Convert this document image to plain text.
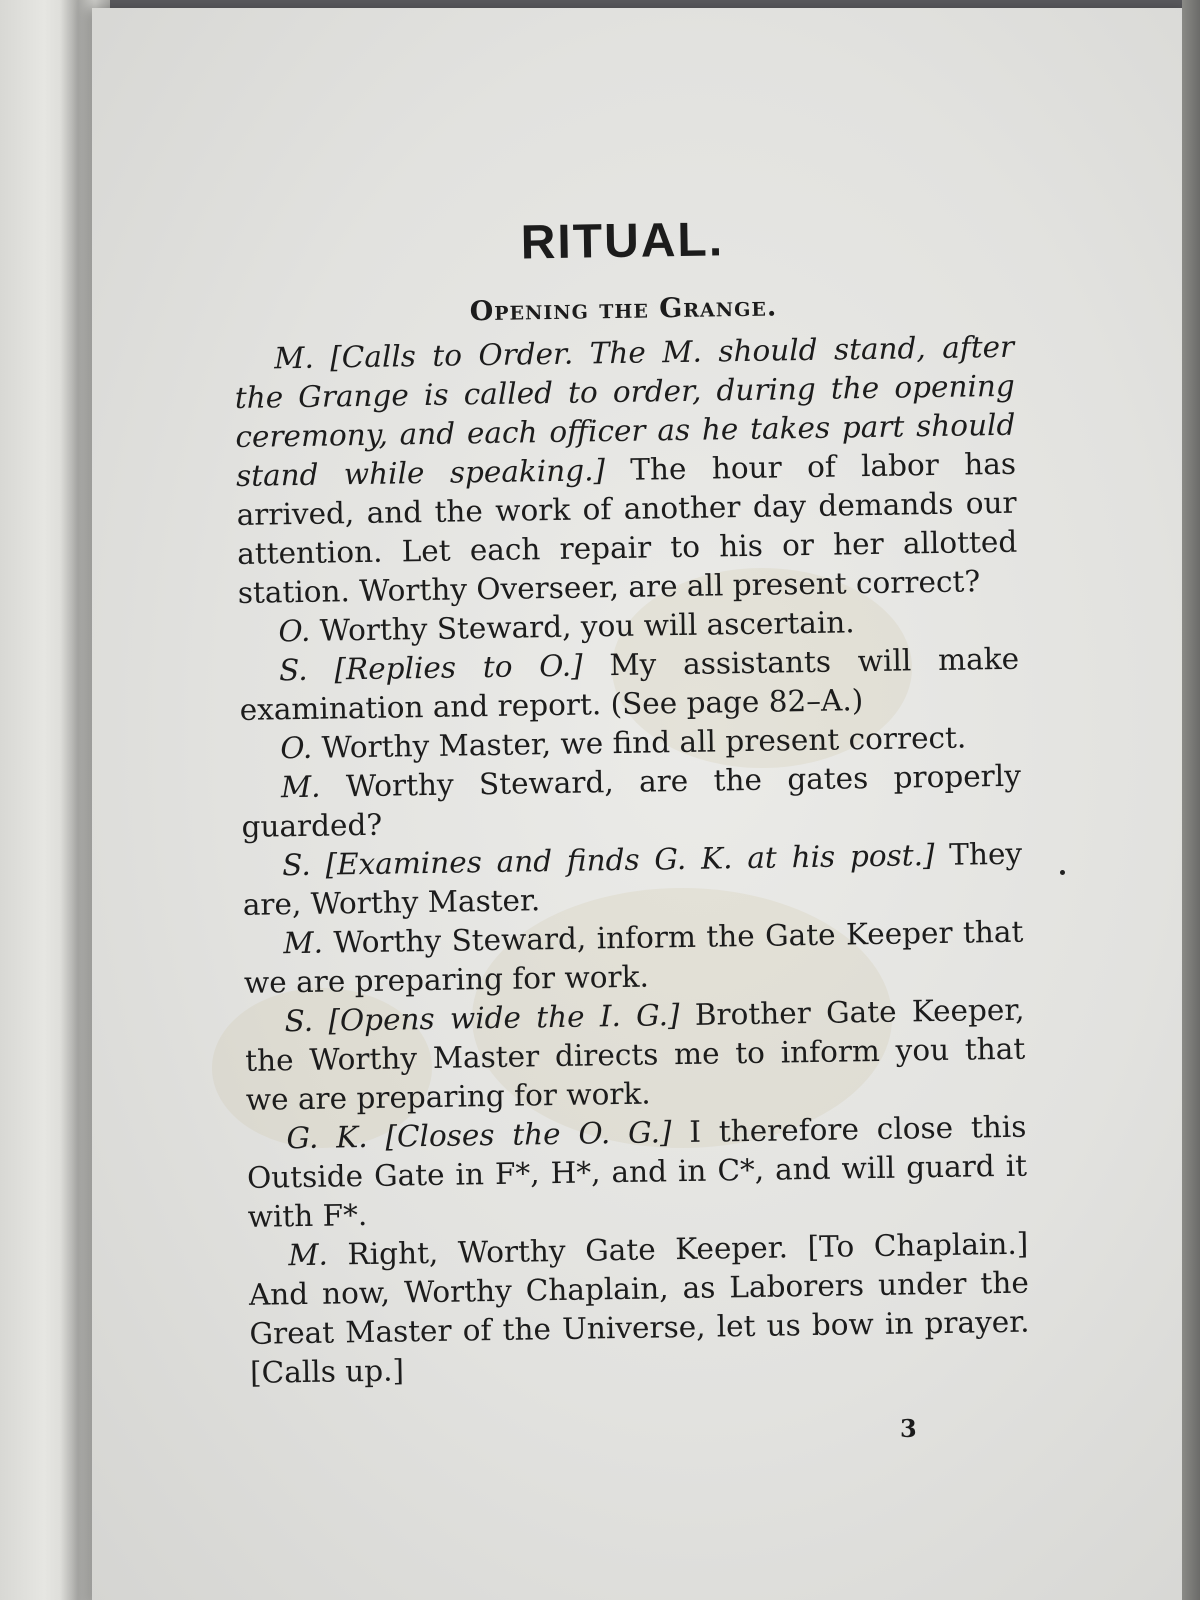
RITUAL.
Opening the Grange.

M. [Calls to Order. The M. should stand, after the Grange is called to order, during the opening ceremony, and each officer as he takes part should stand while speaking.] The hour of labor has arrived, and the work of another day demands our attention. Let each repair to his or her allotted station. Worthy Overseer, are all present correct?

O. Worthy Steward, you will ascertain.

S. [Replies to O.] My assistants will make examination and report. (See page 82–A.)

O. Worthy Master, we find all present correct.

M. Worthy Steward, are the gates properly guarded?

S. [Examines and finds G. K. at his post.] They are, Worthy Master.

M. Worthy Steward, inform the Gate Keeper that we are preparing for work.

S. [Opens wide the I. G.] Brother Gate Keeper, the Worthy Master directs me to inform you that we are preparing for work.

G. K. [Closes the O. G.] I therefore close this Outside Gate in F*, H*, and in C*, and will guard it with F*.

M. Right, Worthy Gate Keeper. [To Chaplain.] And now, Worthy Chaplain, as Laborers under the Great Master of the Universe, let us bow in prayer. [Calls up.]

3
